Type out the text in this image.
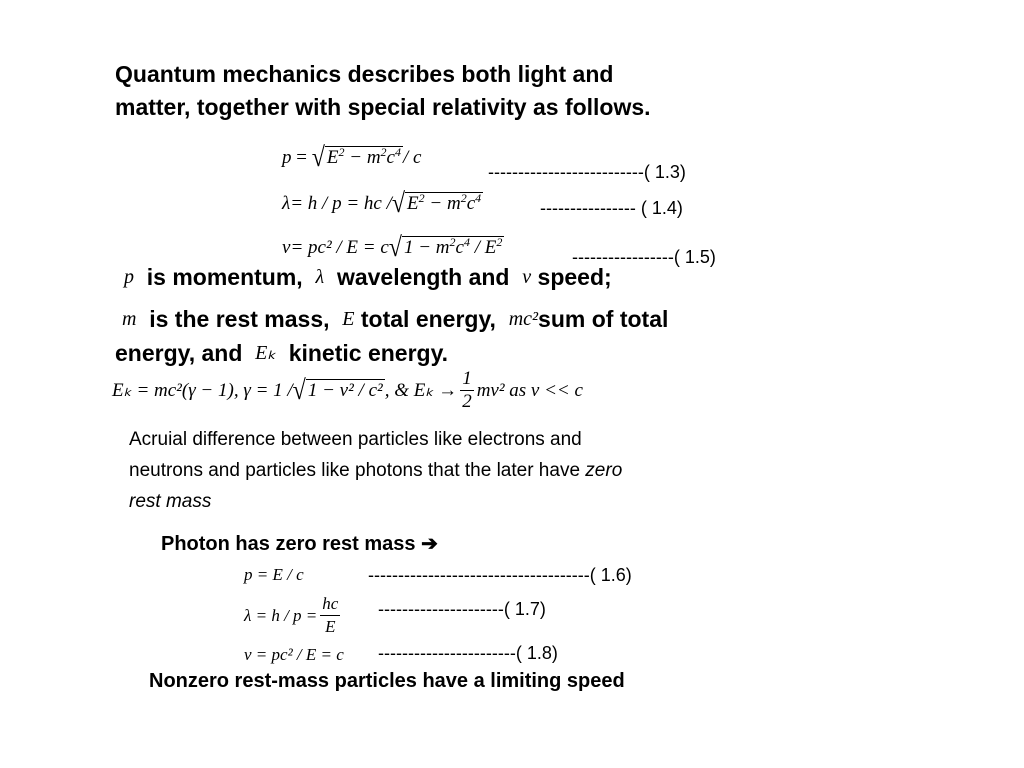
Quantum mechanics describes both light and
matter, together with special relativity as follows.
p = √ $E^2 - m^2c^4 / c$
--------------------------( 1.3)
λ = h / p = hc / √ $E^2 - m^2c^4$	---------------- ( 1.4)
v = pc² / E = c √ $1 - m^2c^4 / E^2$
-----------------( 1.5)
p
is momentum,
λ
wavelength and
v
speed;
m
is the rest mass,
E
total energy,
mc² sum of total
energy, and
Eₖ
kinetic energy.
Eₖ = mc²(γ − 1), γ = 1 / √ 1 − v² / c² , & $E_k \to \frac{1}{2} mv^2$ as v << c
Acruial difference between particles like electrons and
neutrons and particles like photons that the later have zero
rest mass
Photon has zero rest mass ➔
p = E / c	-------------------------------------( 1.6)
$\lambda = h / p = \frac{hc}{E}$ ---------------------( 1.7)
v = pc² / E = c -----------------------( 1.8)
Nonzero rest-mass particles have a limiting speed
